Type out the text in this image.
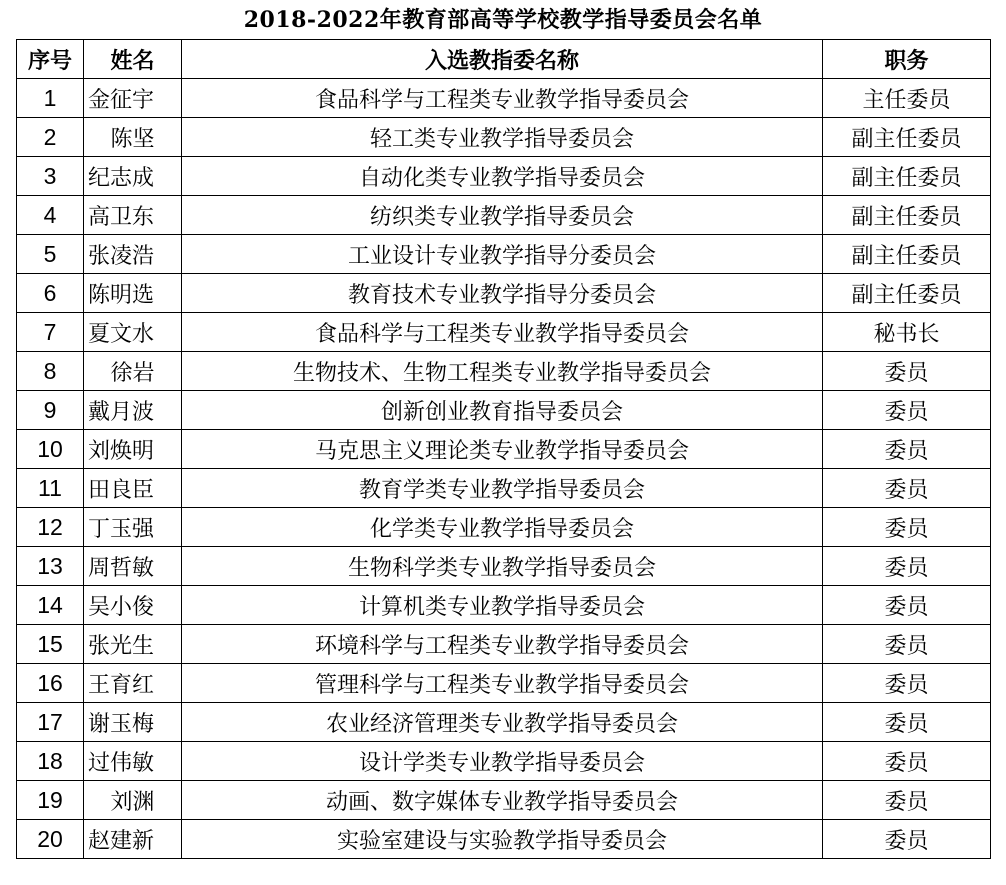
2018-2022年教育部高等学校教学指导委员会名单
序号	姓名	入选教指委名称	职务
1	金征宇	食品科学与工程类专业教学指导委员会	主任委员
2	陈坚	轻工类专业教学指导委员会	副主任委员
3	纪志成	自动化类专业教学指导委员会	副主任委员
4	高卫东	纺织类专业教学指导委员会	副主任委员
5	张凌浩	工业设计专业教学指导分委员会	副主任委员
6	陈明选	教育技术专业教学指导分委员会	副主任委员
7	夏文水	食品科学与工程类专业教学指导委员会	秘书长
8	徐岩	生物技术、生物工程类专业教学指导委员会	委员
9	戴月波	创新创业教育指导委员会	委员
10	刘焕明	马克思主义理论类专业教学指导委员会	委员
11	田良臣	教育学类专业教学指导委员会	委员
12	丁玉强	化学类专业教学指导委员会	委员
13	周哲敏	生物科学类专业教学指导委员会	委员
14	吴小俊	计算机类专业教学指导委员会	委员
15	张光生	环境科学与工程类专业教学指导委员会	委员
16	王育红	管理科学与工程类专业教学指导委员会	委员
17	谢玉梅	农业经济管理类专业教学指导委员会	委员
18	过伟敏	设计学类专业教学指导委员会	委员
19	刘渊	动画、数字媒体专业教学指导委员会	委员
20	赵建新	实验室建设与实验教学指导委员会	委员
